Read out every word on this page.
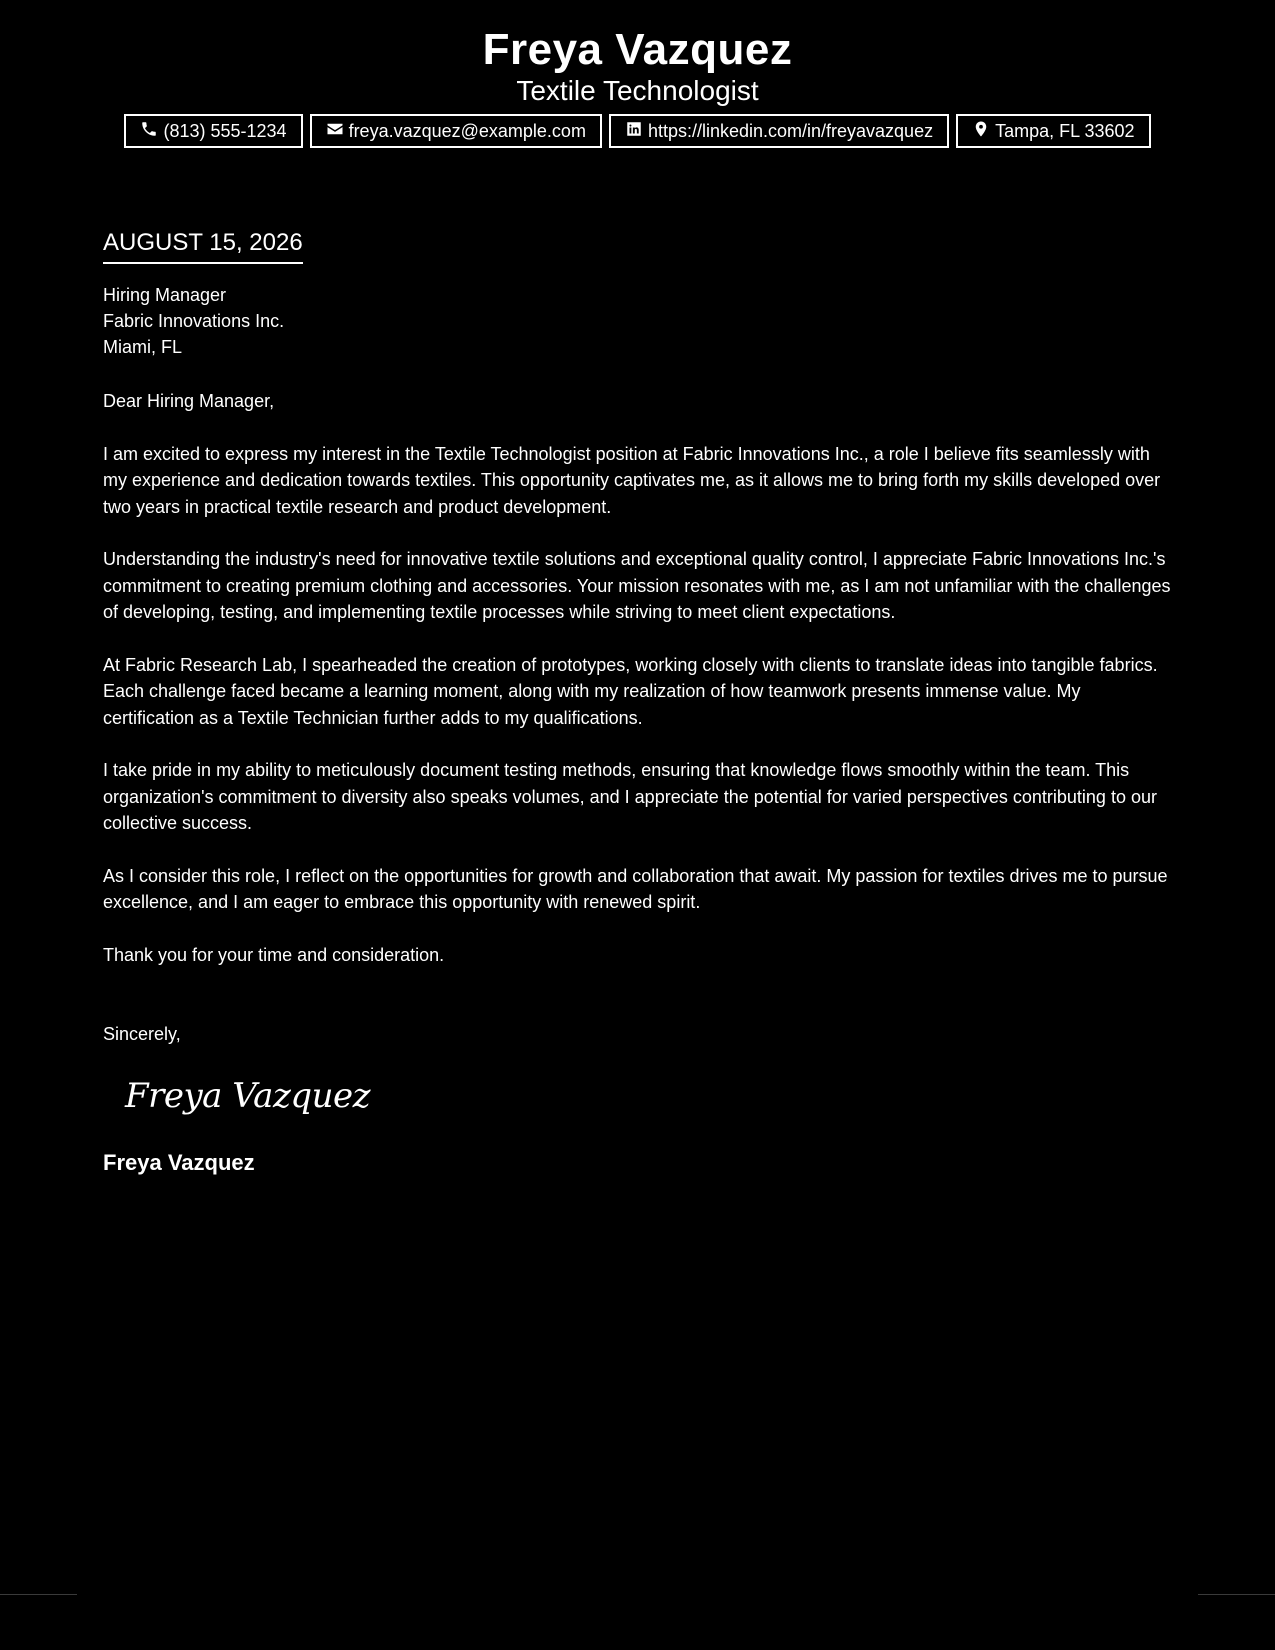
Freya Vazquez
Textile Technologist
(813) 555-1234	freya.vazquez@example.com	https://linkedin.com/in/freyavazquez	Tampa, FL 33602
AUGUST 15, 2026
Hiring Manager
Fabric Innovations Inc.
Miami, FL

Dear Hiring Manager,

I am excited to express my interest in the Textile Technologist position at Fabric Innovations Inc., a role I believe fits seamlessly with my experience and dedication towards textiles. This opportunity captivates me, as it allows me to bring forth my skills developed over two years in practical textile research and product development.

Understanding the industry's need for innovative textile solutions and exceptional quality control, I appreciate Fabric Innovations Inc.'s commitment to creating premium clothing and accessories. Your mission resonates with me, as I am not unfamiliar with the challenges of developing, testing, and implementing textile processes while striving to meet client expectations.

At Fabric Research Lab, I spearheaded the creation of prototypes, working closely with clients to translate ideas into tangible fabrics. Each challenge faced became a learning moment, along with my realization of how teamwork presents immense value. My certification as a Textile Technician further adds to my qualifications.

I take pride in my ability to meticulously document testing methods, ensuring that knowledge flows smoothly within the team. This organization's commitment to diversity also speaks volumes, and I appreciate the potential for varied perspectives contributing to our collective success.

As I consider this role, I reflect on the opportunities for growth and collaboration that await. My passion for textiles drives me to pursue excellence, and I am eager to embrace this opportunity with renewed spirit.

Thank you for your time and consideration.

Sincerely,

Freya Vazquez
Freya Vazquez
